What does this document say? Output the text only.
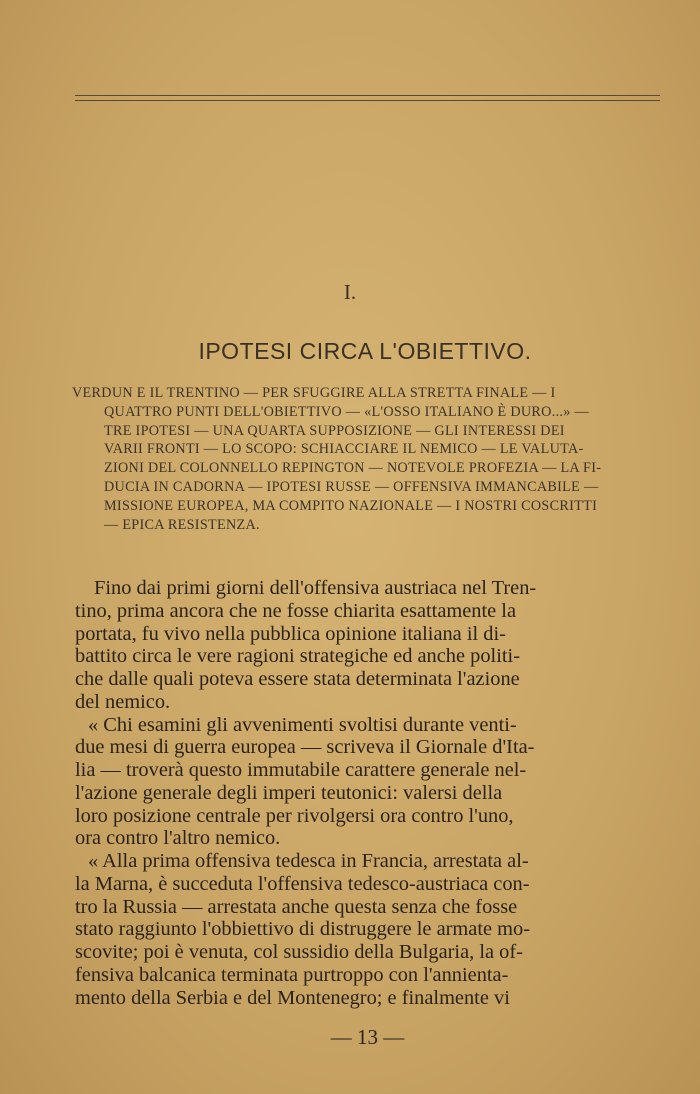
I.
IPOTESI CIRCA L'OBIETTIVO.
VERDUN E IL TRENTINO — PER SFUGGIRE ALLA STRETTA FINALE — I
QUATTRO PUNTI DELL'OBIETTIVO — «L'OSSO ITALIANO È DURO...» —
TRE IPOTESI — UNA QUARTA SUPPOSIZIONE — GLI INTERESSI DEI
VARII FRONTI — LO SCOPO: SCHIACCIARE IL NEMICO — LE VALUTA-
ZIONI DEL COLONNELLO REPINGTON — NOTEVOLE PROFEZIA — LA FI-
DUCIA IN CADORNA — IPOTESI RUSSE — OFFENSIVA IMMANCABILE —
MISSIONE EUROPEA, MA COMPITO NAZIONALE — I NOSTRI COSCRITTI
— EPICA RESISTENZA.
Fino dai primi giorni dell'offensiva austriaca nel Tren-
tino, prima ancora che ne fosse chiarita esattamente la
portata, fu vivo nella pubblica opinione italiana il di-
battito circa le vere ragioni strategiche ed anche politi-
che dalle quali poteva essere stata determinata l'azione
del nemico.
« Chi esamini gli avvenimenti svoltisi durante venti-
due mesi di guerra europea — scriveva il Giornale d'Ita-
lia — troverà questo immutabile carattere generale nel-
l'azione generale degli imperi teutonici: valersi della
loro posizione centrale per rivolgersi ora contro l'uno,
ora contro l'altro nemico.
« Alla prima offensiva tedesca in Francia, arrestata al-
la Marna, è succeduta l'offensiva tedesco-austriaca con-
tro la Russia — arrestata anche questa senza che fosse
stato raggiunto l'obbiettivo di distruggere le armate mo-
scovite; poi è venuta, col sussidio della Bulgaria, la of-
fensiva balcanica terminata purtroppo con l'annienta-
mento della Serbia e del Montenegro; e finalmente vi
— 13 —
